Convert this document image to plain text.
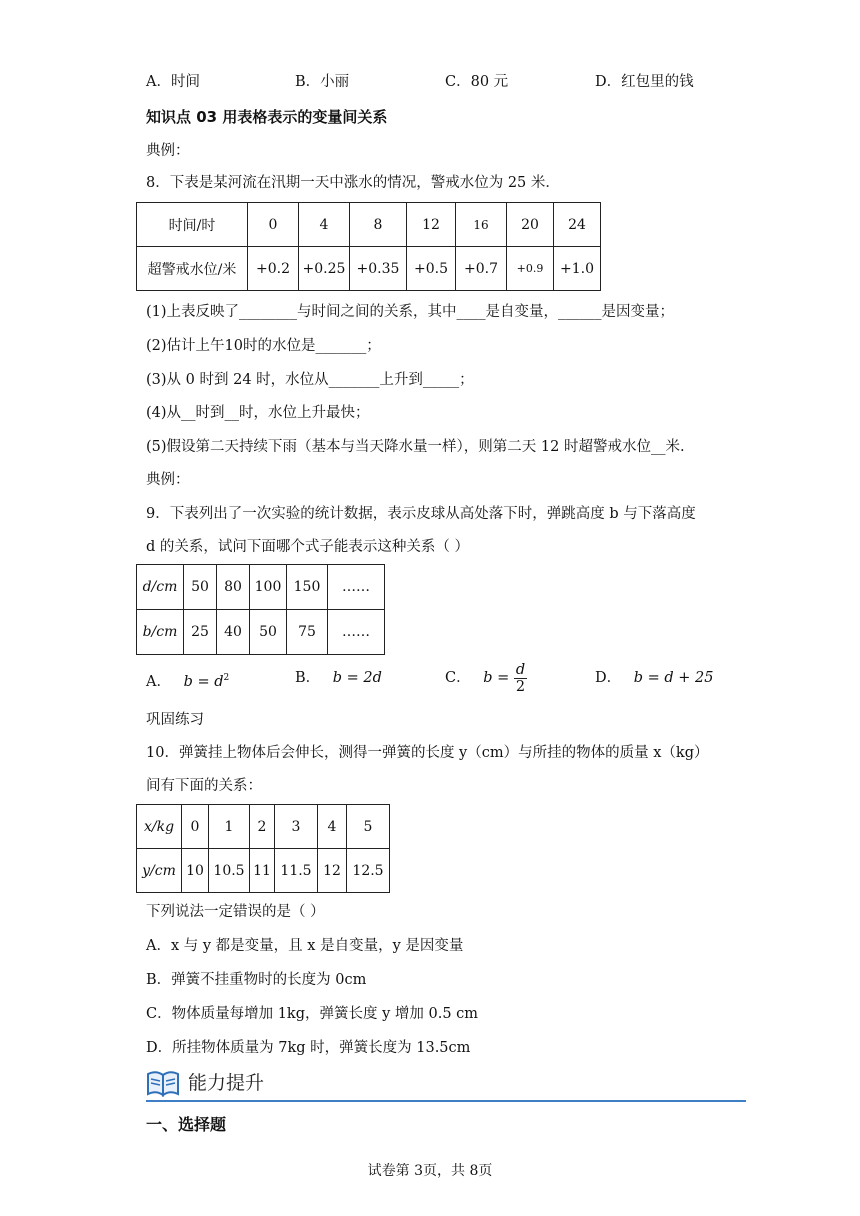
A．时间	B．小丽	C．80 元	D．红包里的钱
知识点 03 用表格表示的变量间关系
典例：
8．下表是某河流在汛期一天中涨水的情况，警戒水位为 25 米．
时间/时	0	4	8	12	16	20	24
超警戒水位/米	+0.2	+0.25	+0.35	+0.5	+0.7	+0.9	+1.0
(1)上表反映了________与时间之间的关系，其中____是自变量，______是因变量；
(2)估计上午10时的水位是_______；
(3)从 0 时到 24 时，水位从_______上升到_____；
(4)从__时到__时，水位上升最快；
(5)假设第二天持续下雨（基本与当天降水量一样），则第二天 12 时超警戒水位__米.
典例：
9．下表列出了一次实验的统计数据，表示皮球从高处落下时，弹跳高度 b 与下落高度
d 的关系，试问下面哪个式子能表示这种关系（ ）
d/cm	50	80	100	150	……
b/cm	25	40	50	75	……
A． $b = d^2$	B． b = 2d	C． $b = \frac{d}{2}$	D． b = d + 25
巩固练习
10．弹簧挂上物体后会伸长，测得一弹簧的长度 y（cm）与所挂的物体的质量 x（kg）
间有下面的关系：
x/kg	0	1	2	3	4	5
y/cm	10	10.5	11	11.5	12	12.5
下列说法一定错误的是（ ）
A．x 与 y 都是变量，且 x 是自变量，y 是因变量
B．弹簧不挂重物时的长度为 0cm
C．物体质量每增加 1kg，弹簧长度 y 增加 0.5 cm
D．所挂物体质量为 7kg 时，弹簧长度为 13.5cm
能力提升
一、选择题
试卷第 3页，共 8页
